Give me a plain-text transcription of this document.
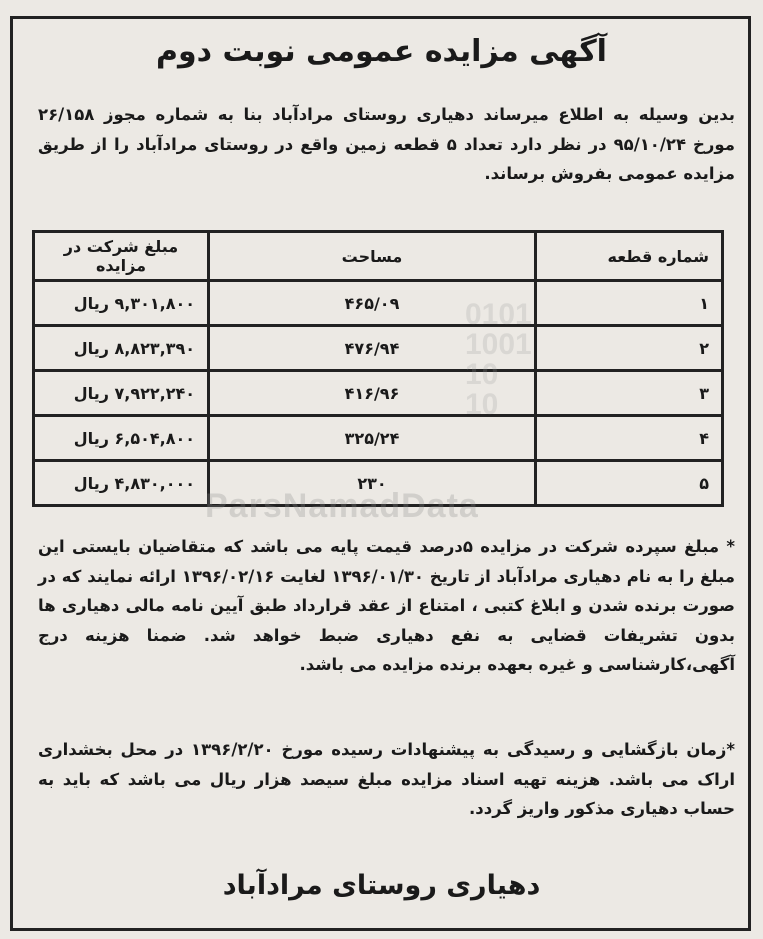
آگهی مزایده عمومی نوبت دوم
بدین وسیله به اطلاع میرساند دهیاری روستای مرادآباد بنا به شماره مجوز ۲۶/۱۵۸ مورخ ۹۵/۱۰/۲۴ در نظر دارد تعداد ۵ قطعه زمین واقع در روستای مرادآباد را از طریق مزایده عمومی بفروش برساند.
شماره قطعه	مساحت	مبلغ شرکت در مزایده
۱	۴۶۵/۰۹	۹,۳۰۱,۸۰۰ ریال
۲	۴۷۶/۹۴	۸,۸۲۳,۳۹۰ ریال
۳	۴۱۶/۹۶	۷,۹۲۲,۲۴۰ ریال
۴	۳۲۵/۲۴	۶,۵۰۴,۸۰۰ ریال
۵	۲۳۰	۴,۸۳۰,۰۰۰ ریال
0101
1001
10
10
ParsNamadData
* مبلغ سپرده شرکت در مزایده ۵درصد قیمت پایه می باشد که متقاضیان بایستی این مبلغ را به نام دهیاری مرادآباد از تاریخ ۱۳۹۶/۰۱/۳۰ لغایت ۱۳۹۶/۰۲/۱۶ ارائه نمایند که در صورت برنده شدن و ابلاغ کتبی ، امتناع از عقد قرارداد طبق آیین نامه مالی دهیاری ها بدون تشریفات قضایی به نفع دهیاری ضبط خواهد شد. ضمنا هزینه درج آگهی،کارشناسی و غیره بعهده برنده مزایده می باشد.
*زمان بازگشایی و رسیدگی به پیشنهادات رسیده مورخ ۱۳۹۶/۲/۲۰ در محل بخشداری اراک می باشد. هزینه تهیه اسناد مزایده مبلغ سیصد هزار ریال می باشد که باید به حساب دهیاری مذکور واریز گردد.
دهیاری روستای مرادآباد
